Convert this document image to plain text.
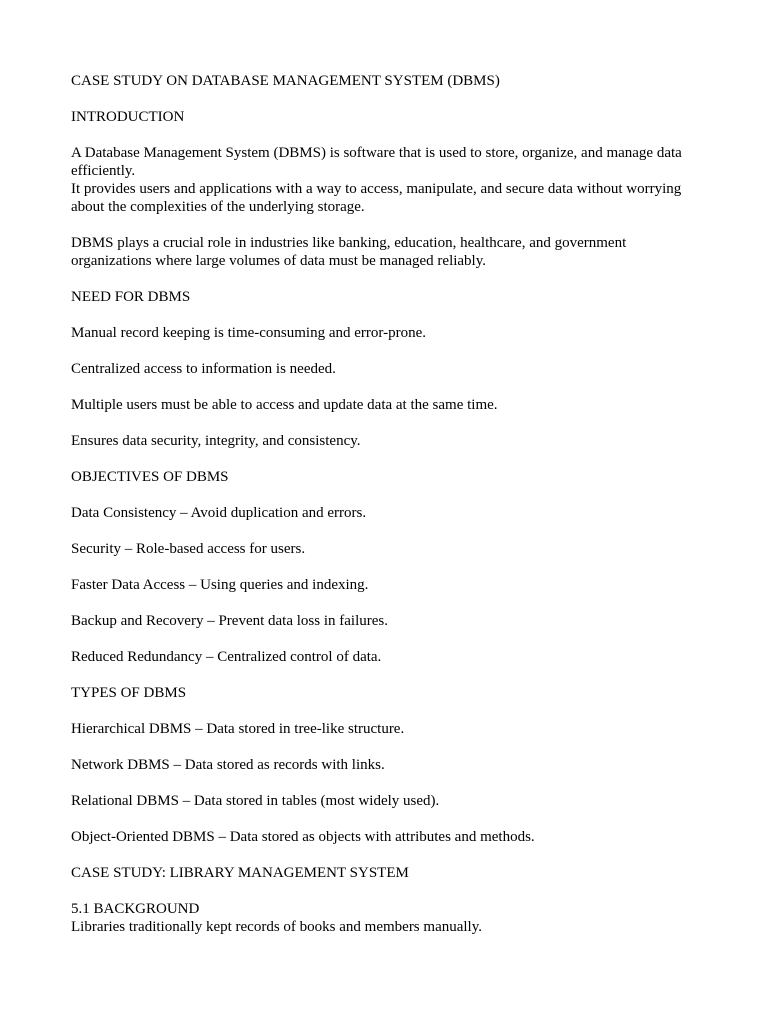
CASE STUDY ON DATABASE MANAGEMENT SYSTEM (DBMS)

INTRODUCTION

A Database Management System (DBMS) is software that is used to store, organize, and manage data efficiently.
It provides users and applications with a way to access, manipulate, and secure data without worrying about the complexities of the underlying storage.

DBMS plays a crucial role in industries like banking, education, healthcare, and government organizations where large volumes of data must be managed reliably.

NEED FOR DBMS

Manual record keeping is time-consuming and error-prone.

Centralized access to information is needed.

Multiple users must be able to access and update data at the same time.

Ensures data security, integrity, and consistency.

OBJECTIVES OF DBMS

Data Consistency – Avoid duplication and errors.

Security – Role-based access for users.

Faster Data Access – Using queries and indexing.

Backup and Recovery – Prevent data loss in failures.

Reduced Redundancy – Centralized control of data.

TYPES OF DBMS

Hierarchical DBMS – Data stored in tree-like structure.

Network DBMS – Data stored as records with links.

Relational DBMS – Data stored in tables (most widely used).

Object-Oriented DBMS – Data stored as objects with attributes and methods.

CASE STUDY: LIBRARY MANAGEMENT SYSTEM

5.1 BACKGROUND
Libraries traditionally kept records of books and members manually.
